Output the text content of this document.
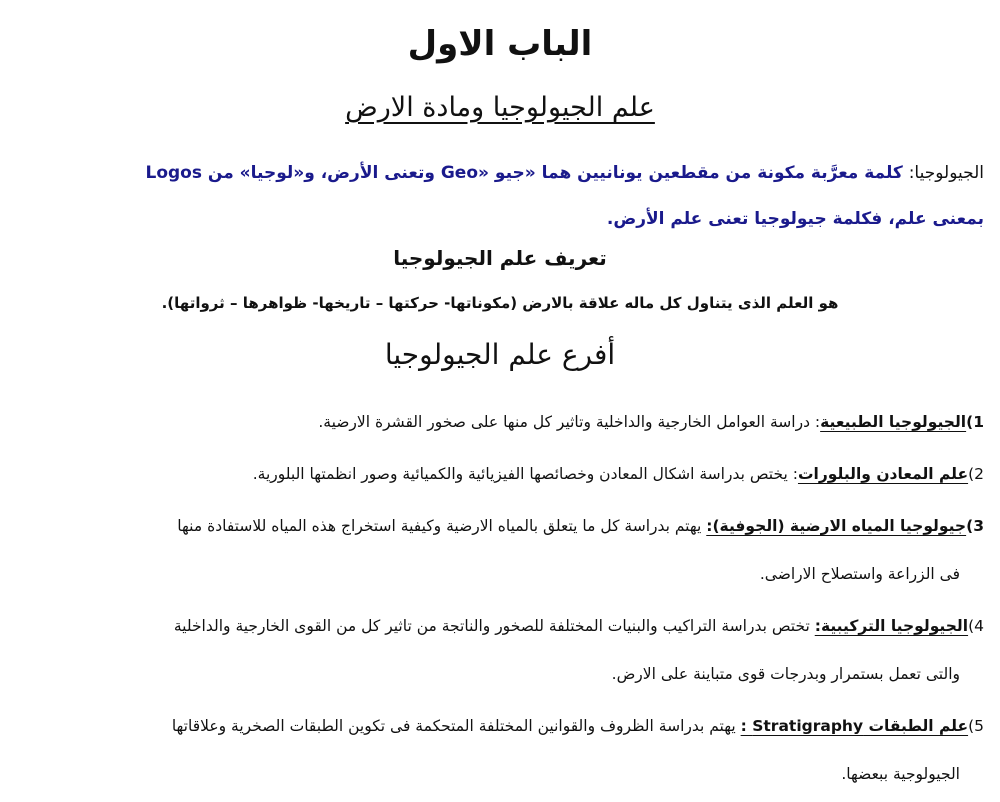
الباب الاول
علم الجيولوجيا ومادة الارض

الجيولوجيا: كلمة معرَّبة مكونة من مقطعين يونانيين هما «جيو «Geo وتعنى الأرض، و«لوجيا» من Logos
بمعنى علم، فكلمة جيولوجيا تعنى علم الأرض.

تعريف علم الجيولوجيا

هو العلم الذى يتناول كل ماله علاقة بالارض (مكوناتها- حركتها – تاريخها- ظواهرها – ثرواتها).

أفرع علم الجيولوجيا
1)الجيولوجيا الطبيعية: دراسة العوامل الخارجية والداخلية وتاثير كل منها على صخور القشرة الارضية.
2)علم المعادن والبلورات: يختص بدراسة اشكال المعادن وخصائصها الفيزيائية والكميائية وصور انظمتها البلورية.
3)جيولوجيا المياه الارضية (الجوفية): يهتم بدراسة كل ما يتعلق بالمياه الارضية وكيفية استخراج هذه المياه للاستفادة منها
فى الزراعة واستصلاح الاراضى.
4)الجيولوجيا التركيبية: تختص بدراسة التراكيب والبنيات المختلفة للصخور والناتجة من تاثير كل من القوى الخارجية والداخلية
والتى تعمل بستمرار وبدرجات قوى متباينة على الارض.
5)علم الطبقات Stratigraphy : يهتم بدراسة الظروف والقوانين المختلفة المتحكمة فى تكوين الطبقات الصخرية وعلاقاتها
الجيولوجية ببعضها.
